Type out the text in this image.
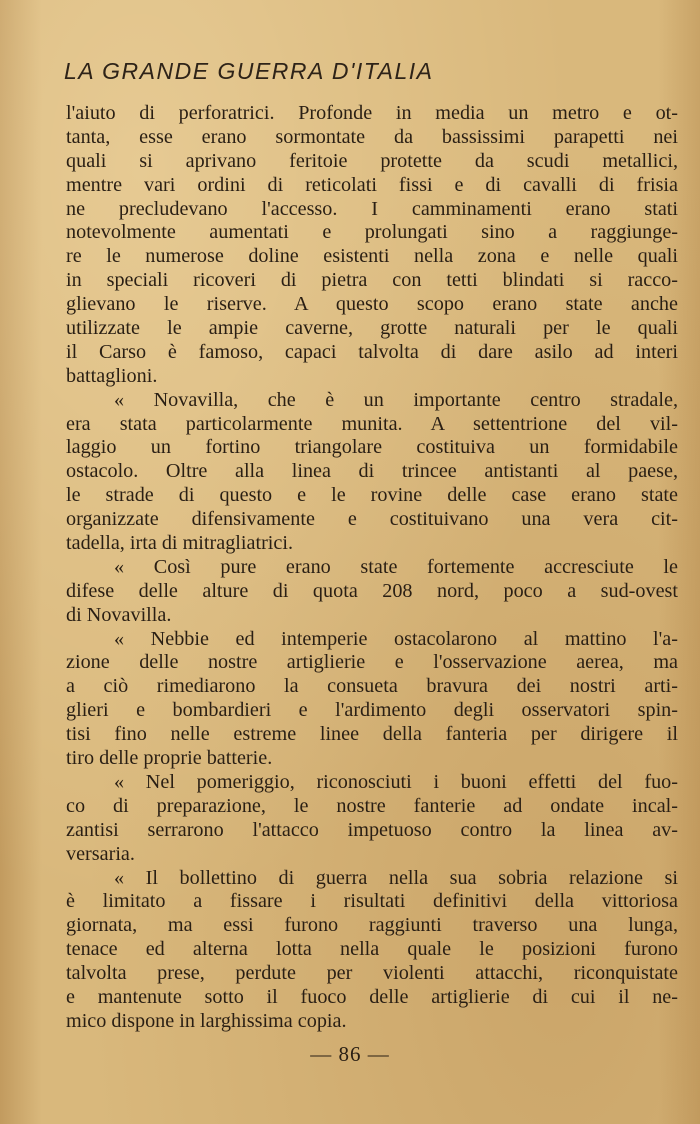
LA GRANDE GUERRA D'ITALIA
l'aiuto di perforatrici. Profonde in media un metro e ot-
tanta, esse erano sormontate da bassissimi parapetti nei
quali si aprivano feritoie protette da scudi metallici,
mentre vari ordini di reticolati fissi e di cavalli di frisia
ne precludevano l'accesso. I camminamenti erano stati
notevolmente aumentati e prolungati sino a raggiunge-
re le numerose doline esistenti nella zona e nelle quali
in speciali ricoveri di pietra con tetti blindati si racco-
glievano le riserve. A questo scopo erano state anche
utilizzate le ampie caverne, grotte naturali per le quali
il Carso è famoso, capaci talvolta di dare asilo ad interi
battaglioni.
« Novavilla, che è un importante centro stradale,
era stata particolarmente munita. A settentrione del vil-
laggio un fortino triangolare costituiva un formidabile
ostacolo. Oltre alla linea di trincee antistanti al paese,
le strade di questo e le rovine delle case erano state
organizzate difensivamente e costituivano una vera cit-
tadella, irta di mitragliatrici.
« Così pure erano state fortemente accresciute le
difese delle alture di quota 208 nord, poco a sud-ovest
di Novavilla.
« Nebbie ed intemperie ostacolarono al mattino l'a-
zione delle nostre artiglierie e l'osservazione aerea, ma
a ciò rimediarono la consueta bravura dei nostri arti-
glieri e bombardieri e l'ardimento degli osservatori spin-
tisi fino nelle estreme linee della fanteria per dirigere il
tiro delle proprie batterie.
« Nel pomeriggio, riconosciuti i buoni effetti del fuo-
co di preparazione, le nostre fanterie ad ondate incal-
zantisi serrarono l'attacco impetuoso contro la linea av-
versaria.
« Il bollettino di guerra nella sua sobria relazione si
è limitato a fissare i risultati definitivi della vittoriosa
giornata, ma essi furono raggiunti traverso una lunga,
tenace ed alterna lotta nella quale le posizioni furono
talvolta prese, perdute per violenti attacchi, riconquistate
e mantenute sotto il fuoco delle artiglierie di cui il ne-
mico dispone in larghissima copia.
— 86 —
